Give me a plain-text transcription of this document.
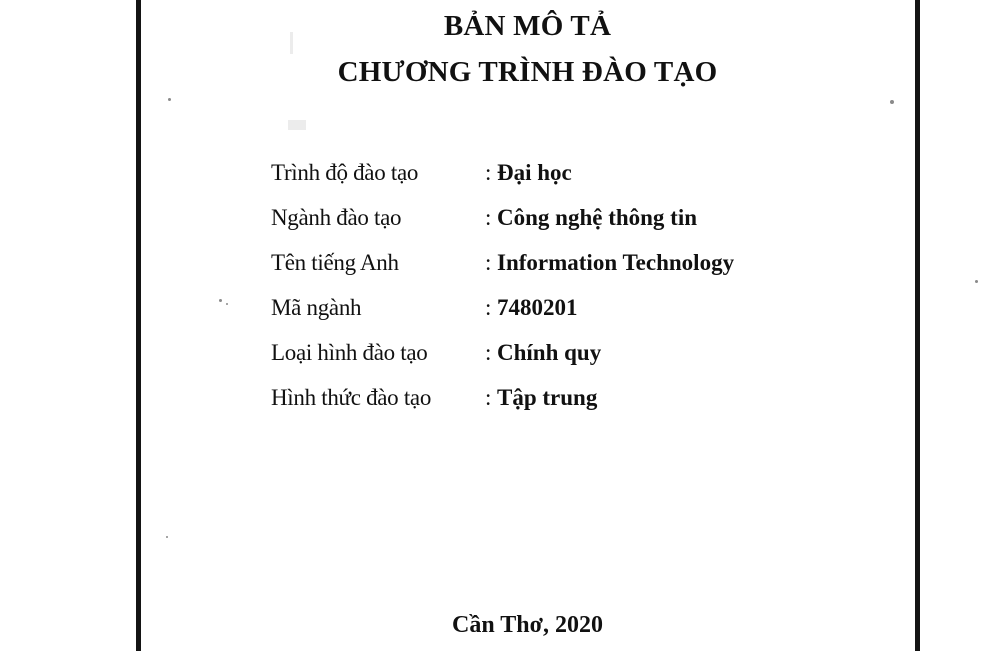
BẢN MÔ TẢ
CHƯƠNG TRÌNH ĐÀO TẠO
Trình độ đào tạo	: Đại học
Ngành đào tạo	: Công nghệ thông tin
Tên tiếng Anh	: Information Technology
Mã ngành	: 7480201
Loại hình đào tạo	: Chính quy
Hình thức đào tạo : Tập trung
Cần Thơ, 2020
